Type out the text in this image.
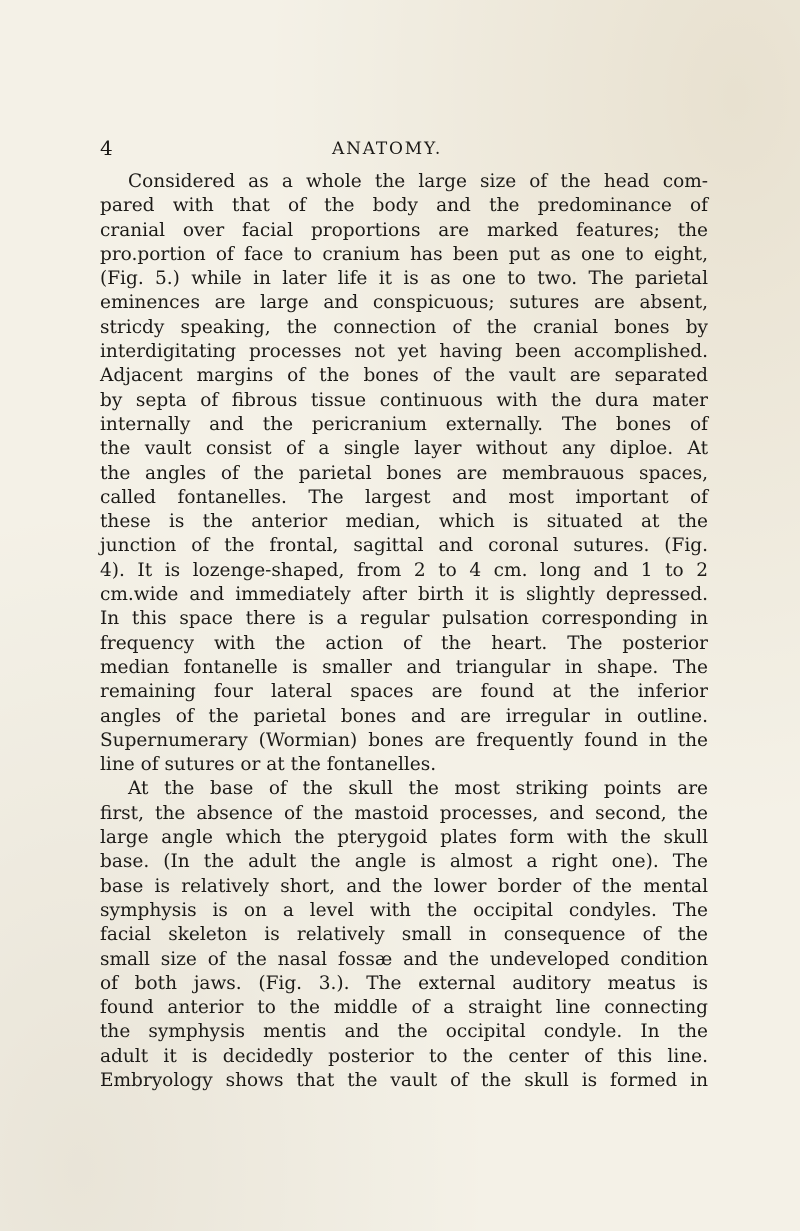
4	ANATOMY.
Considered as a whole the large size of the head com-
pared with that of the body and the predominance of
cranial over facial proportions are marked features; the
pro.portion of face to cranium has been put as one to eight,
(Fig. 5.) while in later life it is as one to two. The parietal
eminences are large and conspicuous; sutures are absent,
stricdy speaking, the connection of the cranial bones by
interdigitating processes not yet having been accomplished.
Adjacent margins of the bones of the vault are separated
by septa of fibrous tissue continuous with the dura mater
internally and the pericranium externally. The bones of
the vault consist of a single layer without any diploe. At
the angles of the parietal bones are membrauous spaces,
called fontanelles. The largest and most important of
these is the anterior median, which is situated at the
junction of the frontal, sagittal and coronal sutures. (Fig.
4). It is lozenge-shaped, from 2 to 4 cm. long and 1 to 2
cm.wide and immediately after birth it is slightly depressed.
In this space there is a regular pulsation corresponding in
frequency with the action of the heart. The posterior
median fontanelle is smaller and triangular in shape. The
remaining four lateral spaces are found at the inferior
angles of the parietal bones and are irregular in outline.
Supernumerary (Wormian) bones are frequently found in the
line of sutures or at the fontanelles.
At the base of the skull the most striking points are
first, the absence of the mastoid processes, and second, the
large angle which the pterygoid plates form with the skull
base. (In the adult the angle is almost a right one). The
base is relatively short, and the lower border of the mental
symphysis is on a level with the occipital condyles. The
facial skeleton is relatively small in consequence of the
small size of the nasal fossæ and the undeveloped condition
of both jaws. (Fig. 3.). The external auditory meatus is
found anterior to the middle of a straight line connecting
the symphysis mentis and the occipital condyle. In the
adult it is decidedly posterior to the center of this line.
Embryology shows that the vault of the skull is formed in
